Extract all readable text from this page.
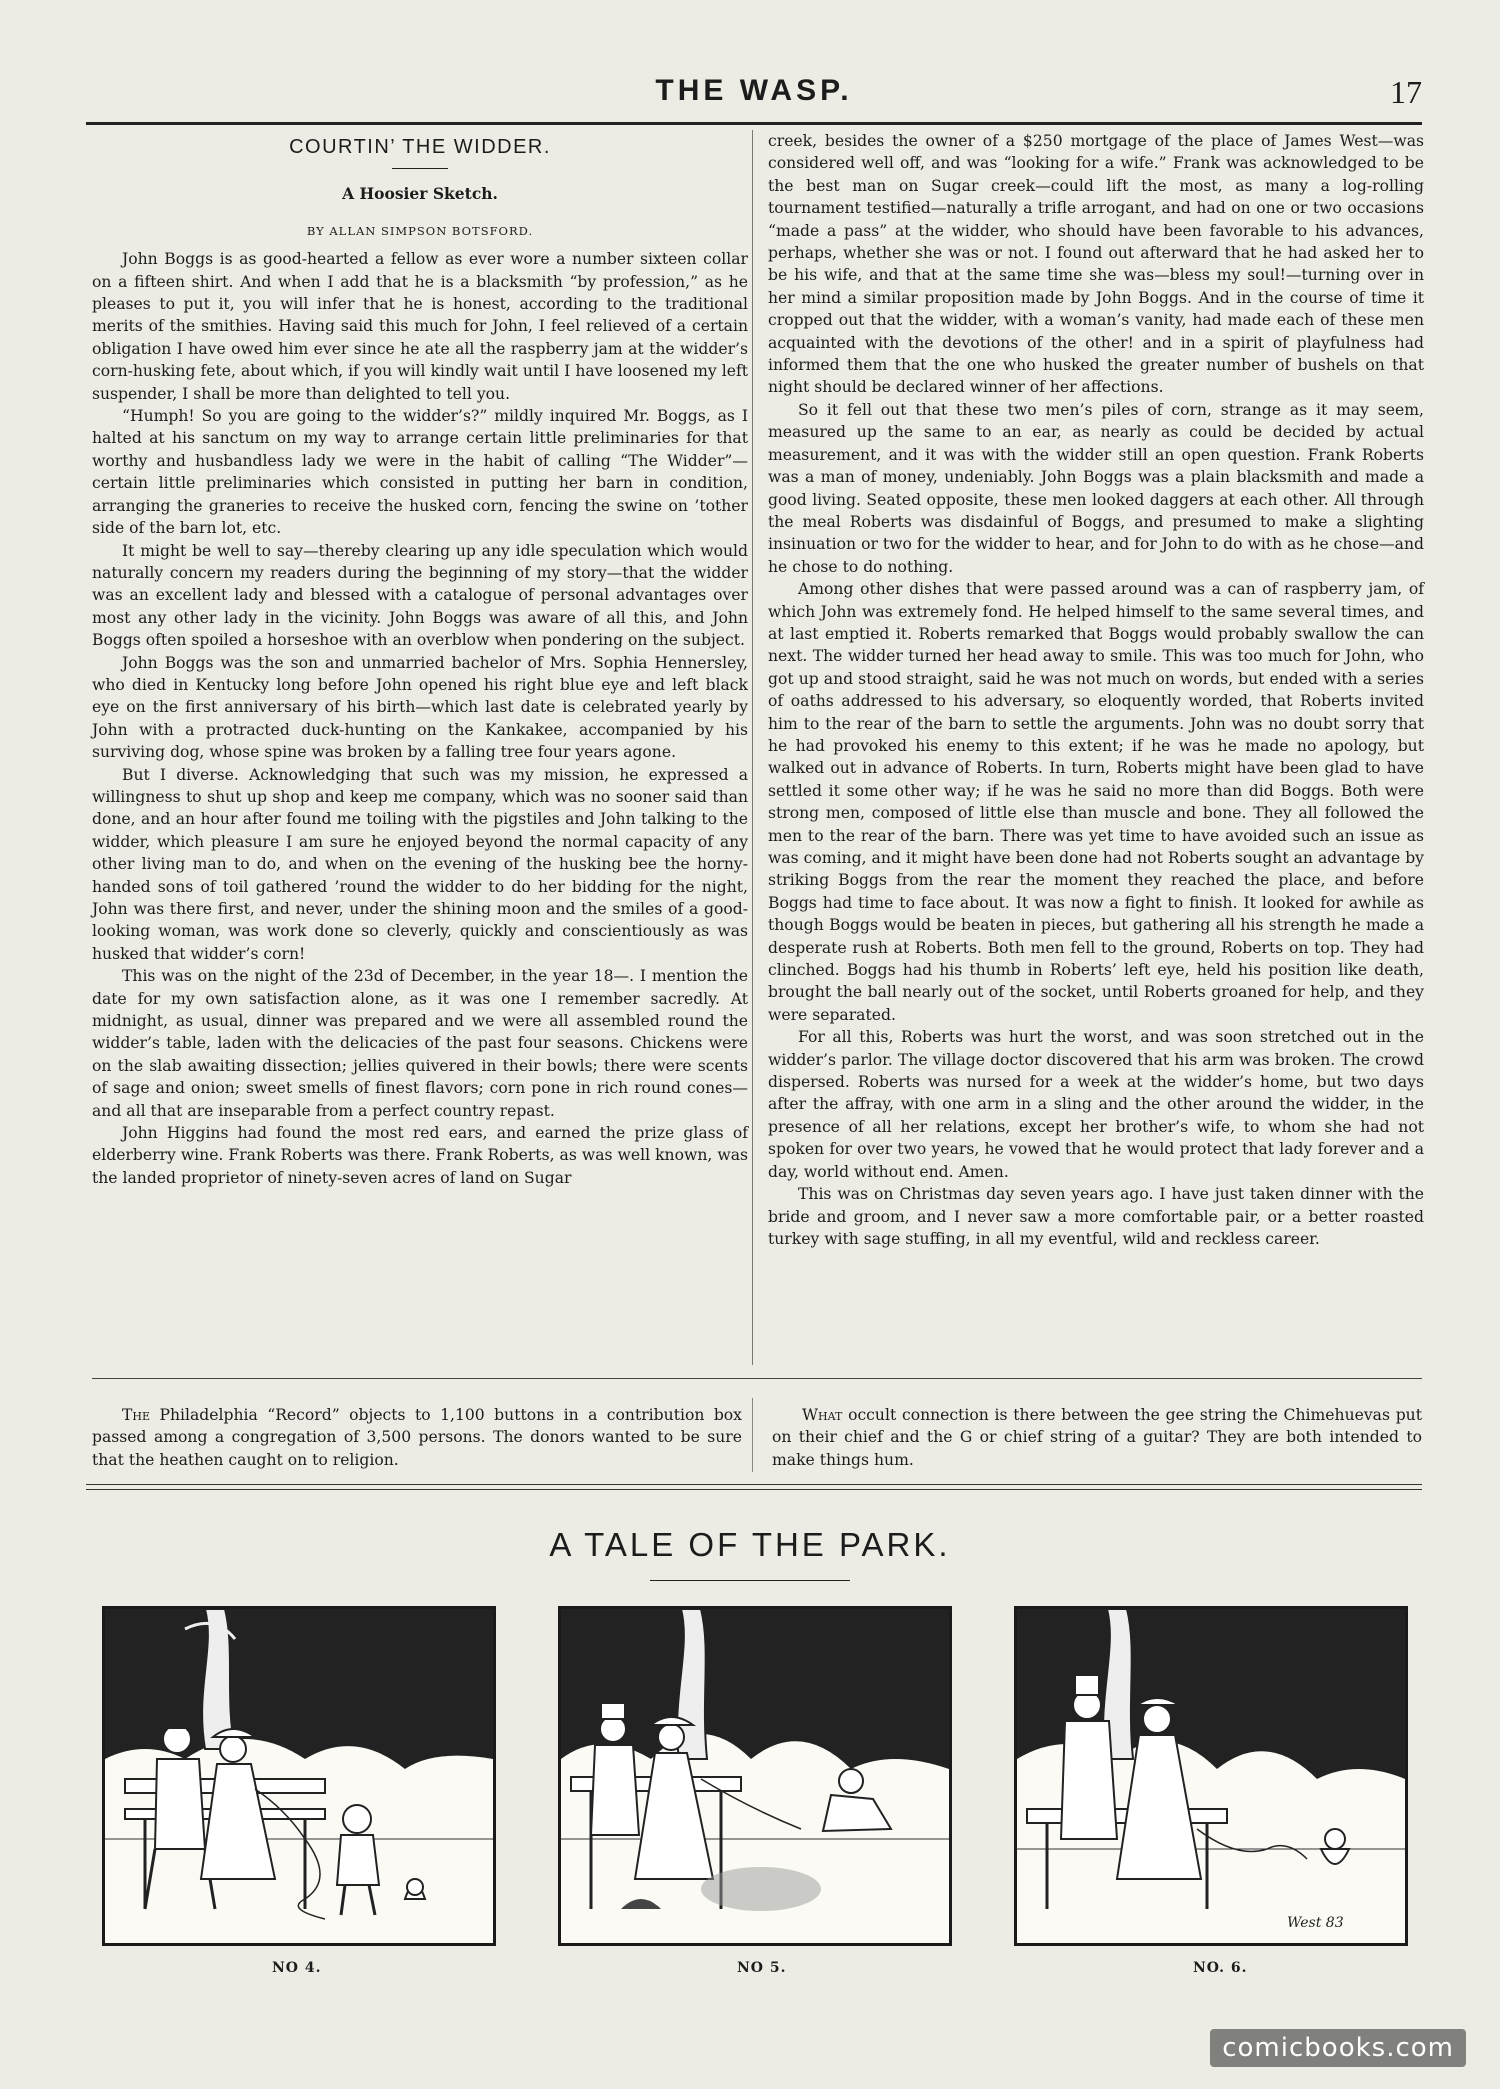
THE WASP.	17
COURTIN’ THE WIDDER.
A Hoosier Sketch.
BY ALLAN SIMPSON BOTSFORD.

John Boggs is as good-hearted a fellow as ever wore a number sixteen collar on a fifteen shirt. And when I add that he is a blacksmith “by profession,” as he pleases to put it, you will infer that he is honest, according to the traditional merits of the smithies. Having said this much for John, I feel relieved of a certain obligation I have owed him ever since he ate all the raspberry jam at the widder’s corn-husking fete, about which, if you will kindly wait until I have loosened my left suspender, I shall be more than delighted to tell you.

“Humph! So you are going to the widder’s?” mildly inquired Mr. Boggs, as I halted at his sanctum on my way to arrange certain little preliminaries for that worthy and husbandless lady we were in the habit of calling “The Widder”—certain little preliminaries which consisted in putting her barn in condition, arranging the graneries to receive the husked corn, fencing the swine on ’tother side of the barn lot, etc.

It might be well to say—thereby clearing up any idle speculation which would naturally concern my readers during the beginning of my story—that the widder was an excellent lady and blessed with a catalogue of personal advantages over most any other lady in the vicinity. John Boggs was aware of all this, and John Boggs often spoiled a horseshoe with an overblow when pondering on the subject.

John Boggs was the son and unmarried bachelor of Mrs. Sophia Hennersley, who died in Kentucky long before John opened his right blue eye and left black eye on the first anniversary of his birth—which last date is celebrated yearly by John with a protracted duck-hunting on the Kankakee, accompanied by his surviving dog, whose spine was broken by a falling tree four years agone.

But I diverse. Acknowledging that such was my mission, he expressed a willingness to shut up shop and keep me company, which was no sooner said than done, and an hour after found me toiling with the pigstiles and John talking to the widder, which pleasure I am sure he enjoyed beyond the normal capacity of any other living man to do, and when on the evening of the husking bee the horny-handed sons of toil gathered ’round the widder to do her bidding for the night, John was there first, and never, under the shining moon and the smiles of a good-looking woman, was work done so cleverly, quickly and conscientiously as was husked that widder’s corn!

This was on the night of the 23d of December, in the year 18—. I mention the date for my own satisfaction alone, as it was one I remember sacredly. At midnight, as usual, dinner was prepared and we were all assembled round the widder’s table, laden with the delicacies of the past four seasons. Chickens were on the slab awaiting dissection; jellies quivered in their bowls; there were scents of sage and onion; sweet smells of finest flavors; corn pone in rich round cones—and all that are inseparable from a perfect country repast.

John Higgins had found the most red ears, and earned the prize glass of elderberry wine. Frank Roberts was there. Frank Roberts, as was well known, was the landed proprietor of ninety-seven acres of land on Sugar

creek, besides the owner of a $250 mortgage of the place of James West—was considered well off, and was “looking for a wife.” Frank was acknowledged to be the best man on Sugar creek—could lift the most, as many a log-rolling tournament testified—naturally a trifle arrogant, and had on one or two occasions “made a pass” at the widder, who should have been favorable to his advances, perhaps, whether she was or not. I found out afterward that he had asked her to be his wife, and that at the same time she was—bless my soul!—turning over in her mind a similar proposition made by John Boggs. And in the course of time it cropped out that the widder, with a woman’s vanity, had made each of these men acquainted with the devotions of the other! and in a spirit of playfulness had informed them that the one who husked the greater number of bushels on that night should be declared winner of her affections.

So it fell out that these two men’s piles of corn, strange as it may seem, measured up the same to an ear, as nearly as could be decided by actual measurement, and it was with the widder still an open question. Frank Roberts was a man of money, undeniably. John Boggs was a plain blacksmith and made a good living. Seated opposite, these men looked daggers at each other. All through the meal Roberts was disdainful of Boggs, and presumed to make a slighting insinuation or two for the widder to hear, and for John to do with as he chose—and he chose to do nothing.

Among other dishes that were passed around was a can of raspberry jam, of which John was extremely fond. He helped himself to the same several times, and at last emptied it. Roberts remarked that Boggs would probably swallow the can next. The widder turned her head away to smile. This was too much for John, who got up and stood straight, said he was not much on words, but ended with a series of oaths addressed to his adversary, so eloquently worded, that Roberts invited him to the rear of the barn to settle the arguments. John was no doubt sorry that he had provoked his enemy to this extent; if he was he made no apology, but walked out in advance of Roberts. In turn, Roberts might have been glad to have settled it some other way; if he was he said no more than did Boggs. Both were strong men, composed of little else than muscle and bone. They all followed the men to the rear of the barn. There was yet time to have avoided such an issue as was coming, and it might have been done had not Roberts sought an advantage by striking Boggs from the rear the moment they reached the place, and before Boggs had time to face about. It was now a fight to finish. It looked for awhile as though Boggs would be beaten in pieces, but gathering all his strength he made a desperate rush at Roberts. Both men fell to the ground, Roberts on top. They had clinched. Boggs had his thumb in Roberts’ left eye, held his position like death, brought the ball nearly out of the socket, until Roberts groaned for help, and they were separated.

For all this, Roberts was hurt the worst, and was soon stretched out in the widder’s parlor. The village doctor discovered that his arm was broken. The crowd dispersed. Roberts was nursed for a week at the widder’s home, but two days after the affray, with one arm in a sling and the other around the widder, in the presence of all her relations, except her brother’s wife, to whom she had not spoken for over two years, he vowed that he would protect that lady forever and a day, world without end. Amen.

This was on Christmas day seven years ago. I have just taken dinner with the bride and groom, and I never saw a more comfortable pair, or a better roasted turkey with sage stuffing, in all my eventful, wild and reckless career.

The Philadelphia “Record” objects to 1,100 buttons in a contribution box passed among a congregation of 3,500 persons. The donors wanted to be sure that the heathen caught on to religion.

What occult connection is there between the gee string the Chimehuevas put on their chief and the G or chief string of a guitar? They are both intended to make things hum.

A TALE OF THE PARK.
NO 4.	NO 5.
West 83
NO. 6.
comicbooks.com
